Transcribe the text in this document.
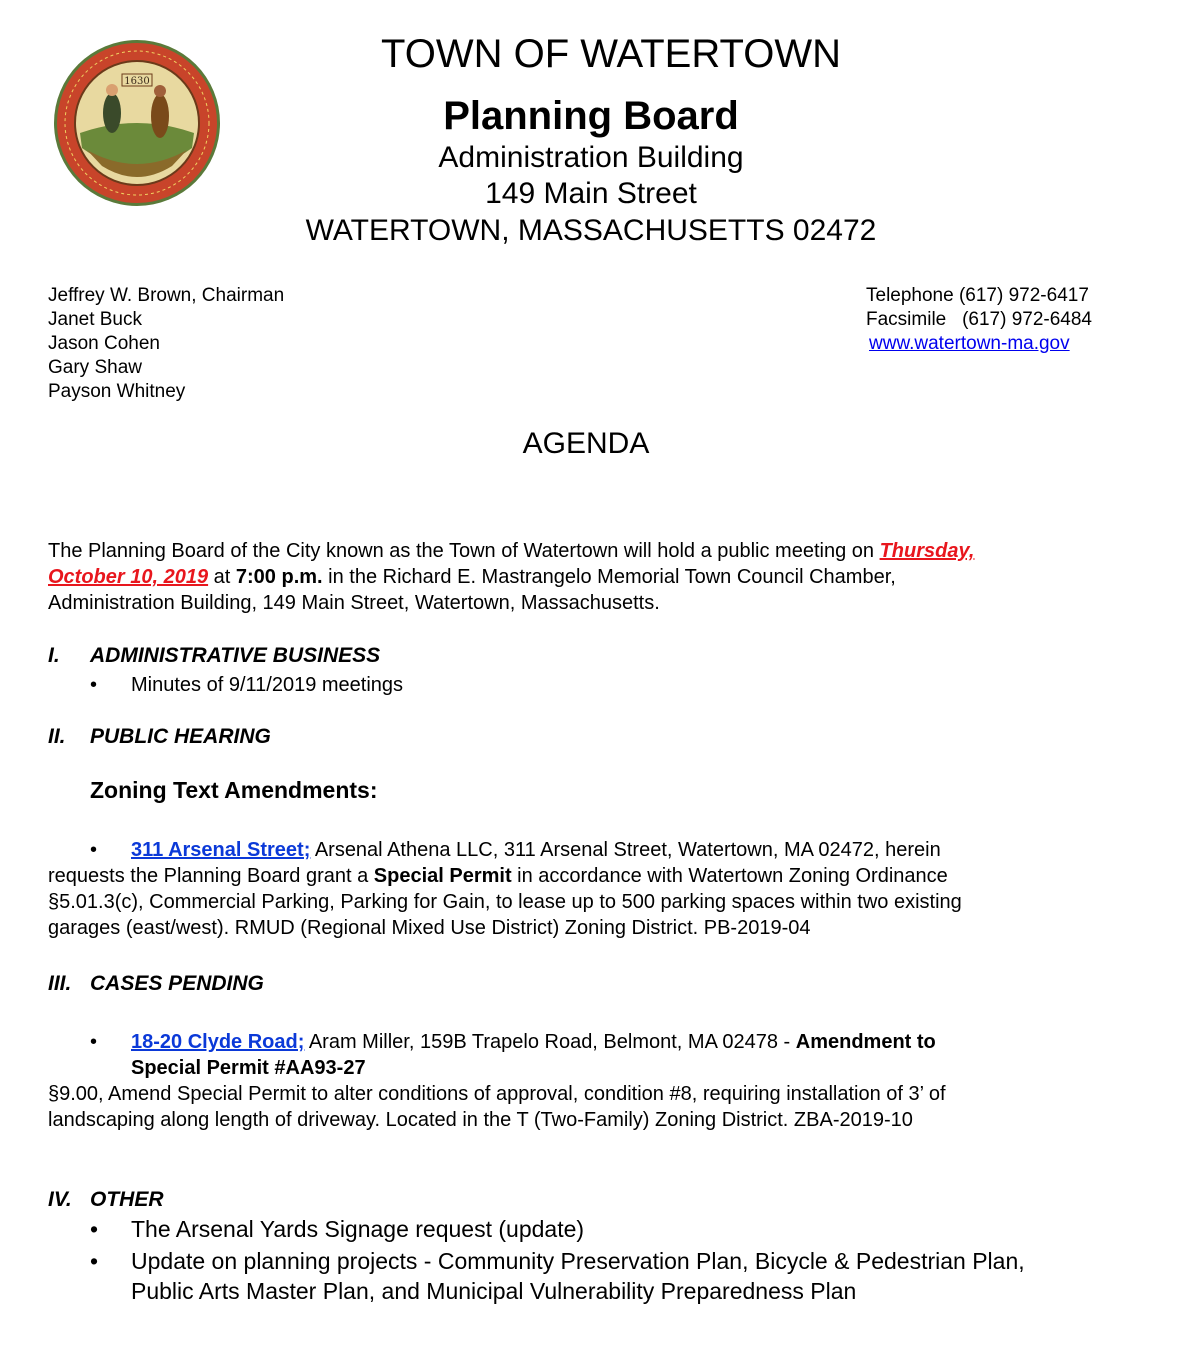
1630
TOWN OF WATERTOWN
Planning Board
Administration Building
149 Main Street
WATERTOWN, MASSACHUSETTS 02472
Jeffrey W. Brown, Chairman
Janet Buck
Jason Cohen
Gary Shaw
Payson Whitney
Telephone (617) 972-6417
Facsimile   (617) 972-6484
www.watertown-ma.gov
AGENDA
The Planning Board of the City known as the Town of Watertown will hold a public meeting on Thursday,
October 10, 2019 at 7:00 p.m. in the Richard E. Mastrangelo Memorial Town Council Chamber,
Administration Building, 149 Main Street, Watertown, Massachusetts.
I. ADMINISTRATIVE BUSINESS
• Minutes of 9/11/2019 meetings
II. PUBLIC HEARING
Zoning Text Amendments:
• 311 Arsenal Street; Arsenal Athena LLC, 311 Arsenal Street, Watertown, MA 02472, herein
requests the Planning Board grant a Special Permit in accordance with Watertown Zoning Ordinance
§5.01.3(c), Commercial Parking, Parking for Gain, to lease up to 500 parking spaces within two existing
garages (east/west). RMUD (Regional Mixed Use District) Zoning District. PB-2019-04
III. CASES PENDING
• 18-20 Clyde Road; Aram Miller, 159B Trapelo Road, Belmont, MA 02478 - Amendment to
Special Permit #AA93-27
§9.00, Amend Special Permit to alter conditions of approval, condition #8, requiring installation of 3’ of
landscaping along length of driveway. Located in the T (Two-Family) Zoning District. ZBA-2019-10
IV. OTHER
• The Arsenal Yards Signage request (update)
• Update on planning projects - Community Preservation Plan, Bicycle & Pedestrian Plan,
Public Arts Master Plan, and Municipal Vulnerability Preparedness Plan
